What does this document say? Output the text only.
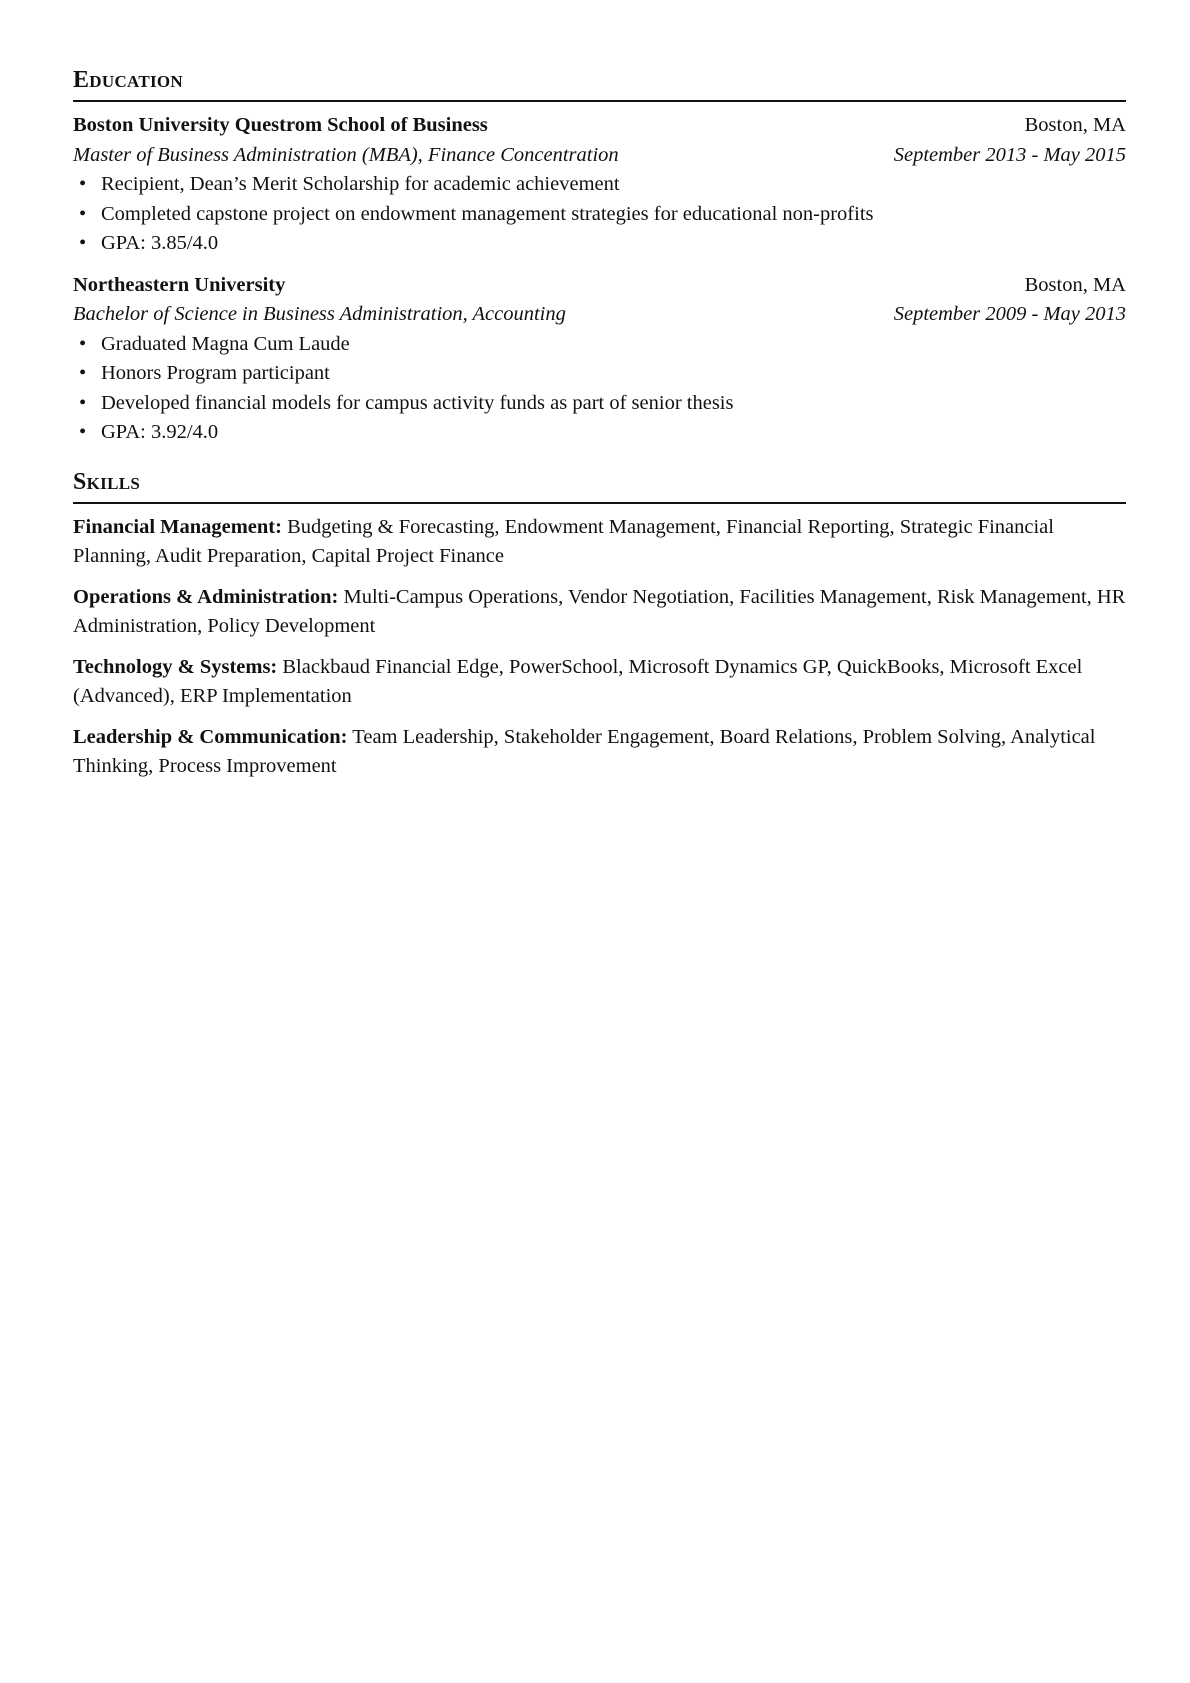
Education
Boston University Questrom School of Business	Boston, MA
Master of Business Administration (MBA), Finance Concentration	September 2013 - May 2015
• Recipient, Dean’s Merit Scholarship for academic achievement
• Completed capstone project on endowment management strategies for educational non-profits
• GPA: 3.85/4.0
Northeastern University	Boston, MA
Bachelor of Science in Business Administration, Accounting	September 2009 - May 2013
• Graduated Magna Cum Laude
• Honors Program participant
• Developed financial models for campus activity funds as part of senior thesis
• GPA: 3.92/4.0
Skills
Financial Management: Budgeting & Forecasting, Endowment Management, Financial Reporting, Strategic Financial Planning, Audit Preparation, Capital Project Finance
Operations & Administration: Multi-Campus Operations, Vendor Negotiation, Facilities Management, Risk Management, HR Administration, Policy Development
Technology & Systems: Blackbaud Financial Edge, PowerSchool, Microsoft Dynamics GP, QuickBooks, Microsoft Excel (Advanced), ERP Implementation
Leadership & Communication: Team Leadership, Stakeholder Engagement, Board Relations, Problem Solving, Analytical Thinking, Process Improvement
